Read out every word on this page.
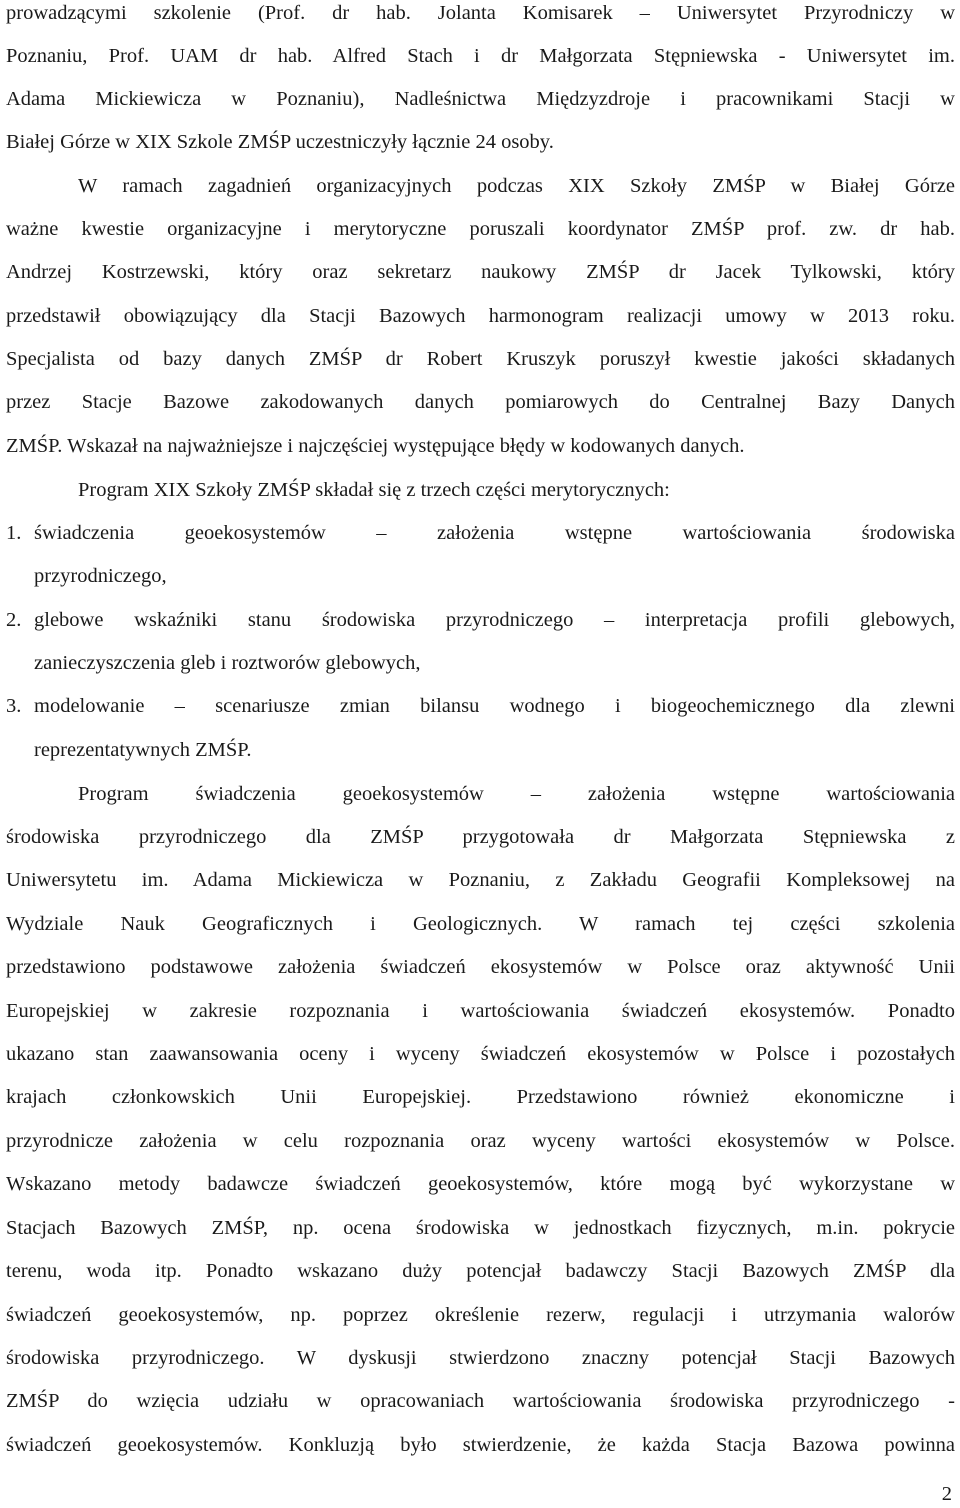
prowadzącymi szkolenie (Prof. dr hab. Jolanta Komisarek – Uniwersytet Przyrodniczy w
Poznaniu, Prof. UAM dr hab. Alfred Stach i dr Małgorzata Stępniewska - Uniwersytet im.
Adama Mickiewicza w Poznaniu), Nadleśnictwa Międzyzdroje i pracownikami Stacji w
Białej Górze w XIX Szkole ZMŚP uczestniczyły łącznie 24 osoby.
W ramach zagadnień organizacyjnych podczas XIX Szkoły ZMŚP w Białej Górze
ważne kwestie organizacyjne i merytoryczne poruszali koordynator ZMŚP prof. zw. dr hab.
Andrzej Kostrzewski, który oraz sekretarz naukowy ZMŚP dr Jacek Tylkowski, który
przedstawił obowiązujący dla Stacji Bazowych harmonogram realizacji umowy w 2013 roku.
Specjalista od bazy danych ZMŚP dr Robert Kruszyk poruszył kwestie jakości składanych
przez Stacje Bazowe zakodowanych danych pomiarowych do Centralnej Bazy Danych
ZMŚP. Wskazał na najważniejsze i najczęściej występujące błędy w kodowanych danych.
Program XIX Szkoły ZMŚP składał się z trzech części merytorycznych:
1. świadczenia geoekosystemów – założenia wstępne wartościowania środowiska
przyrodniczego,
2. glebowe wskaźniki stanu środowiska przyrodniczego – interpretacja profili glebowych,
zanieczyszczenia gleb i roztworów glebowych,
3. modelowanie – scenariusze zmian bilansu wodnego i biogeochemicznego dla zlewni
reprezentatywnych ZMŚP.
Program świadczenia geoekosystemów – założenia wstępne wartościowania
środowiska przyrodniczego dla ZMŚP przygotowała dr Małgorzata Stępniewska z
Uniwersytetu im. Adama Mickiewicza w Poznaniu, z Zakładu Geografii Kompleksowej na
Wydziale Nauk Geograficznych i Geologicznych. W ramach tej części szkolenia
przedstawiono podstawowe założenia świadczeń ekosystemów w Polsce oraz aktywność Unii
Europejskiej w zakresie rozpoznania i wartościowania świadczeń ekosystemów. Ponadto
ukazano stan zaawansowania oceny i wyceny świadczeń ekosystemów w Polsce i pozostałych
krajach członkowskich Unii Europejskiej. Przedstawiono również ekonomiczne i
przyrodnicze założenia w celu rozpoznania oraz wyceny wartości ekosystemów w Polsce.
Wskazano metody badawcze świadczeń geoekosystemów, które mogą być wykorzystane w
Stacjach Bazowych ZMŚP, np. ocena środowiska w jednostkach fizycznych, m.in. pokrycie
terenu, woda itp. Ponadto wskazano duży potencjał badawczy Stacji Bazowych ZMŚP dla
świadczeń geoekosystemów, np. poprzez określenie rezerw, regulacji i utrzymania walorów
środowiska przyrodniczego. W dyskusji stwierdzono znaczny potencjał Stacji Bazowych
ZMŚP do wzięcia udziału w opracowaniach wartościowania środowiska przyrodniczego -
świadczeń geoekosystemów. Konkluzją było stwierdzenie, że każda Stacja Bazowa powinna
2
